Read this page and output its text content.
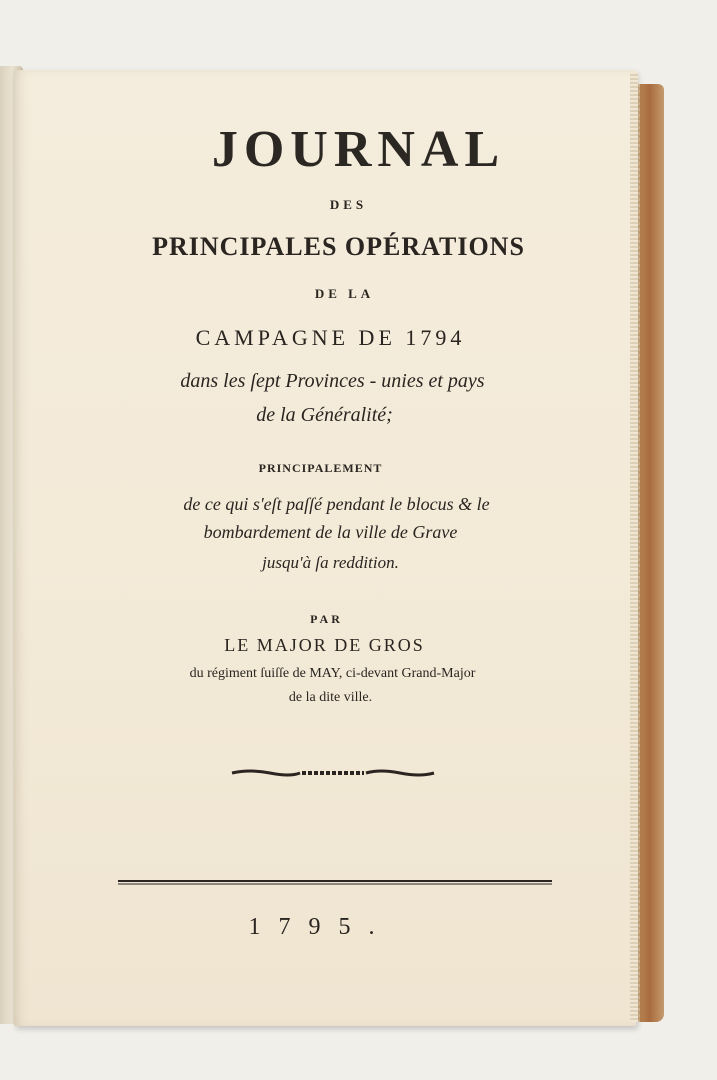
JOURNAL
DES
PRINCIPALES OPÉRATIONS
DE LA
CAMPAGNE DE 1794
dans les ſept Provinces - unies et pays
de la Généralité;
PRINCIPALEMENT
de ce qui s'eſt paſſé pendant le blocus & le
bombardement de la ville de Grave
jusqu'à ſa reddition.
PAR
LE MAJOR DE GROS
du régiment ſuiſſe de MAY, ci-devant Grand-Major
de la dite ville.
1795.
